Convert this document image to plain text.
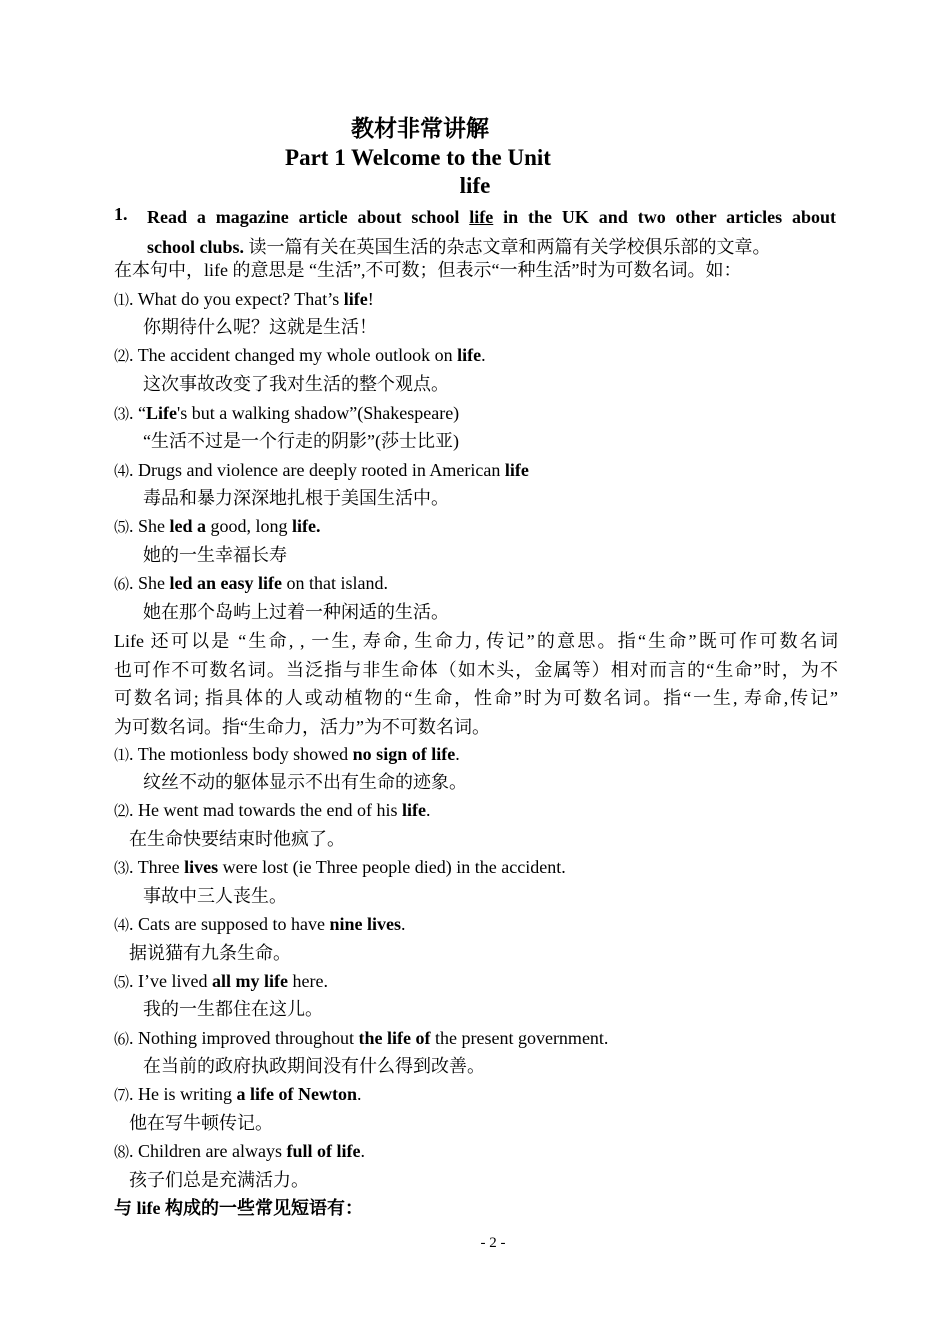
教材非常讲解
Part 1 Welcome to the Unit
life
1. Read a magazine article about school life in the UK and two other articles about
school clubs. 读一篇有关在英国生活的杂志文章和两篇有关学校俱乐部的文章。
在本句中，life 的意思是 “生活”,不可数；但表示“一种生活”时为可数名词。如：
⑴. What do you expect? That’s life!
你期待什么呢？这就是生活！
⑵. The accident changed my whole outlook on life.
这次事故改变了我对生活的整个观点。
⑶. “Life's but a walking shadow”(Shakespeare)
“生活不过是一个行走的阴影”(莎士比亚)
⑷. Drugs and violence are deeply rooted in American life
毒品和暴力深深地扎根于美国生活中。
⑸. She led a good, long life.
她的一生幸福长寿
⑹. She led an easy life on that island.
她在那个岛屿上过着一种闲适的生活。
Life 还可以是 “生命, , 一生, 寿命, 生命力, 传记”的意思。指“生命”既可作可数名词
也可作不可数名词。当泛指与非生命体（如木头，金属等）相对而言的“生命”时，为不
可数名词; 指具体的人或动植物的“生命，性命”时为可数名词。指“一生, 寿命,传记”
为可数名词。指“生命力，活力”为不可数名词。
⑴. The motionless body showed no sign of life.
纹丝不动的躯体显示不出有生命的迹象。
⑵. He went mad towards the end of his life.
在生命快要结束时他疯了。
⑶. Three lives were lost (ie Three people died) in the accident.
事故中三人丧生。
⑷. Cats are supposed to have nine lives.
据说猫有九条生命。
⑸. I’ve lived all my life here.
我的一生都住在这儿。
⑹. Nothing improved throughout the life of the present government.
在当前的政府执政期间没有什么得到改善。
⑺. He is writing a life of Newton.
他在写牛顿传记。
⑻. Children are always full of life.
孩子们总是充满活力。
与 life 构成的一些常见短语有：
- 2 -
